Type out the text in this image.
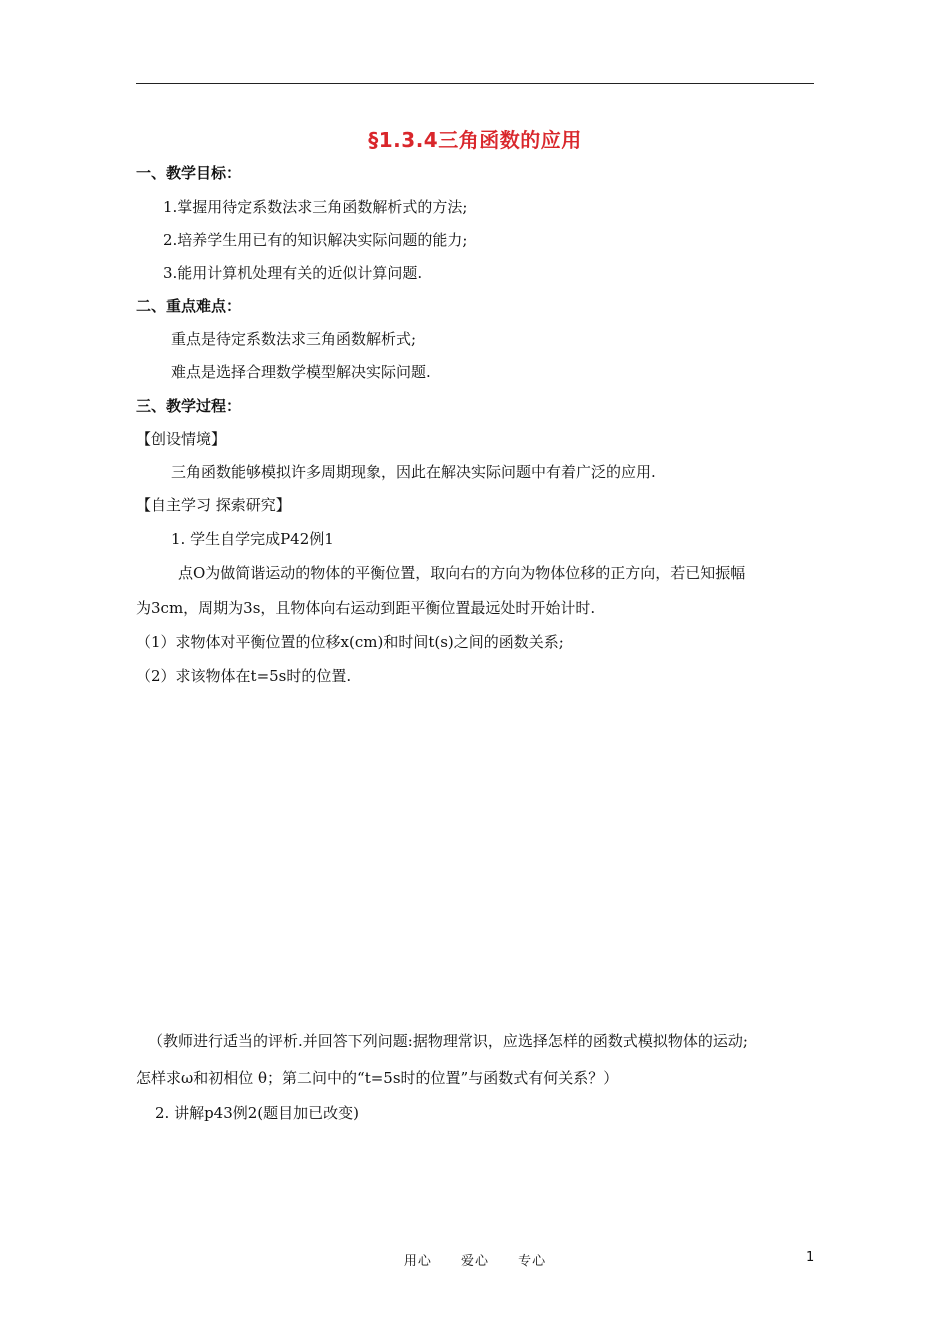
§1.3.4三角函数的应用
一、教学目标：
1.掌握用待定系数法求三角函数解析式的方法;
2.培养学生用已有的知识解决实际问题的能力;
3.能用计算机处理有关的近似计算问题.
二、重点难点：
重点是待定系数法求三角函数解析式;
难点是选择合理数学模型解决实际问题.
三、教学过程：
【创设情境】
三角函数能够模拟许多周期现象，因此在解决实际问题中有着广泛的应用.
【自主学习 探索研究】
1. 学生自学完成P42例1
点O为做简谐运动的物体的平衡位置，取向右的方向为物体位移的正方向，若已知振幅
为3cm，周期为3s，且物体向右运动到距平衡位置最远处时开始计时.
（1）求物体对平衡位置的位移x(cm)和时间t(s)之间的函数关系;
（2）求该物体在t=5s时的位置.
（教师进行适当的评析.并回答下列问题:据物理常识，应选择怎样的函数式模拟物体的运动;
怎样求ω和初相位 θ；第二问中的“t=5s时的位置”与函数式有何关系？）
2. 讲解p43例2(题目加已改变)
用心 爱心 专心	1
